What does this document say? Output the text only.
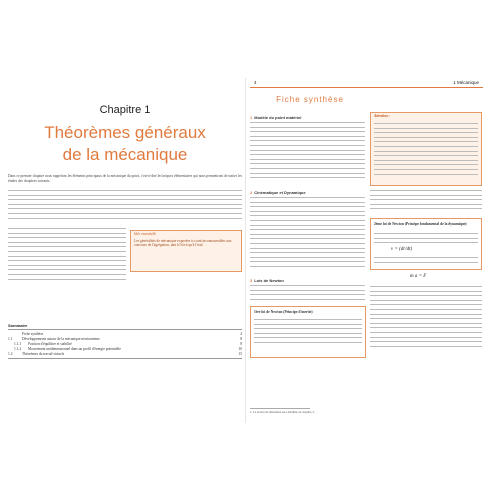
Chapitre 1
Théorèmes généraux
de la mécanique
Dans ce premier chapitre nous rappelons les éléments principaux de la mécanique du point, c'est-à-dire les briques élémentaires qui nous permettront de traiter les études des chapitres suivants.
Idée essentielle
Les généralités de mécanique exposées ici sont incontournables aux concours de l'agrégation, tant à l'écrit qu'à l'oral.
Sommaire
Fiche synthèse	4
1.1	Développements autour de la mécanique newtonienne	8
1.1.1 Position d'équilibre et stabilité	8
1.1.2 Mouvement unidimensionnel dans un profil d'énergie potentielle	10
1.2	Théorèmes du travail virtuels	15
4	1 Mécanique
Fiche synthèse
1 Modèle du point matériel
2 Cinématique et Dynamique
3 Lois de Newton
1ère loi de Newton (Principe d'inertie)
Attention :
2ème loi de Newton (Principe fondamental de la dynamique)
v = (dr/dt)
m a = F
1. La notion de référentiel sera détaillée au chapitre 2.
